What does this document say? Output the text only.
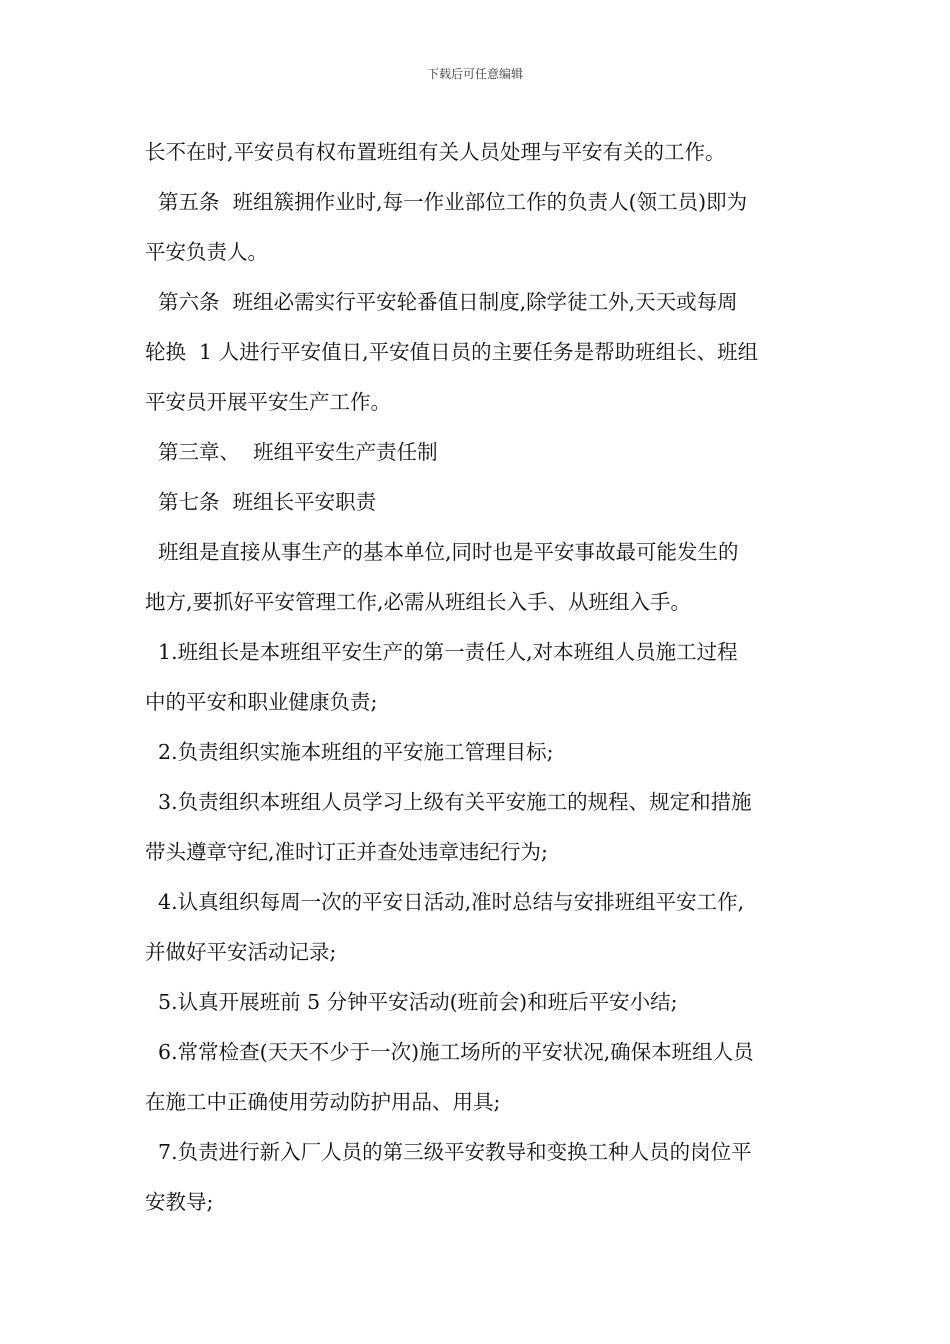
下载后可任意编辑
长不在时,平安员有权布置班组有关人员处理与平安有关的工作。
第五条  班组簇拥作业时,每一作业部位工作的负责人(领工员)即为
平安负责人。
第六条  班组必需实行平安轮番值日制度,除学徒工外,天天或每周
轮换  1 人进行平安值日,平安值日员的主要任务是帮助班组长、班组
平安员开展平安生产工作。
第三章、  班组平安生产责任制
第七条  班组长平安职责
班组是直接从事生产的基本单位,同时也是平安事故最可能发生的
地方,要抓好平安管理工作,必需从班组长入手、从班组入手。
1.班组长是本班组平安生产的第一责任人,对本班组人员施工过程
中的平安和职业健康负责;
2.负责组织实施本班组的平安施工管理目标;
3.负责组织本班组人员学习上级有关平安施工的规程、规定和措施
带头遵章守纪,准时订正并查处违章违纪行为;
4.认真组织每周一次的平安日活动,准时总结与安排班组平安工作,
并做好平安活动记录;
5.认真开展班前 5 分钟平安活动(班前会)和班后平安小结;
6.常常检查(天天不少于一次)施工场所的平安状况,确保本班组人员
在施工中正确使用劳动防护用品、用具;
7.负责进行新入厂人员的第三级平安教导和变换工种人员的岗位平
安教导;
